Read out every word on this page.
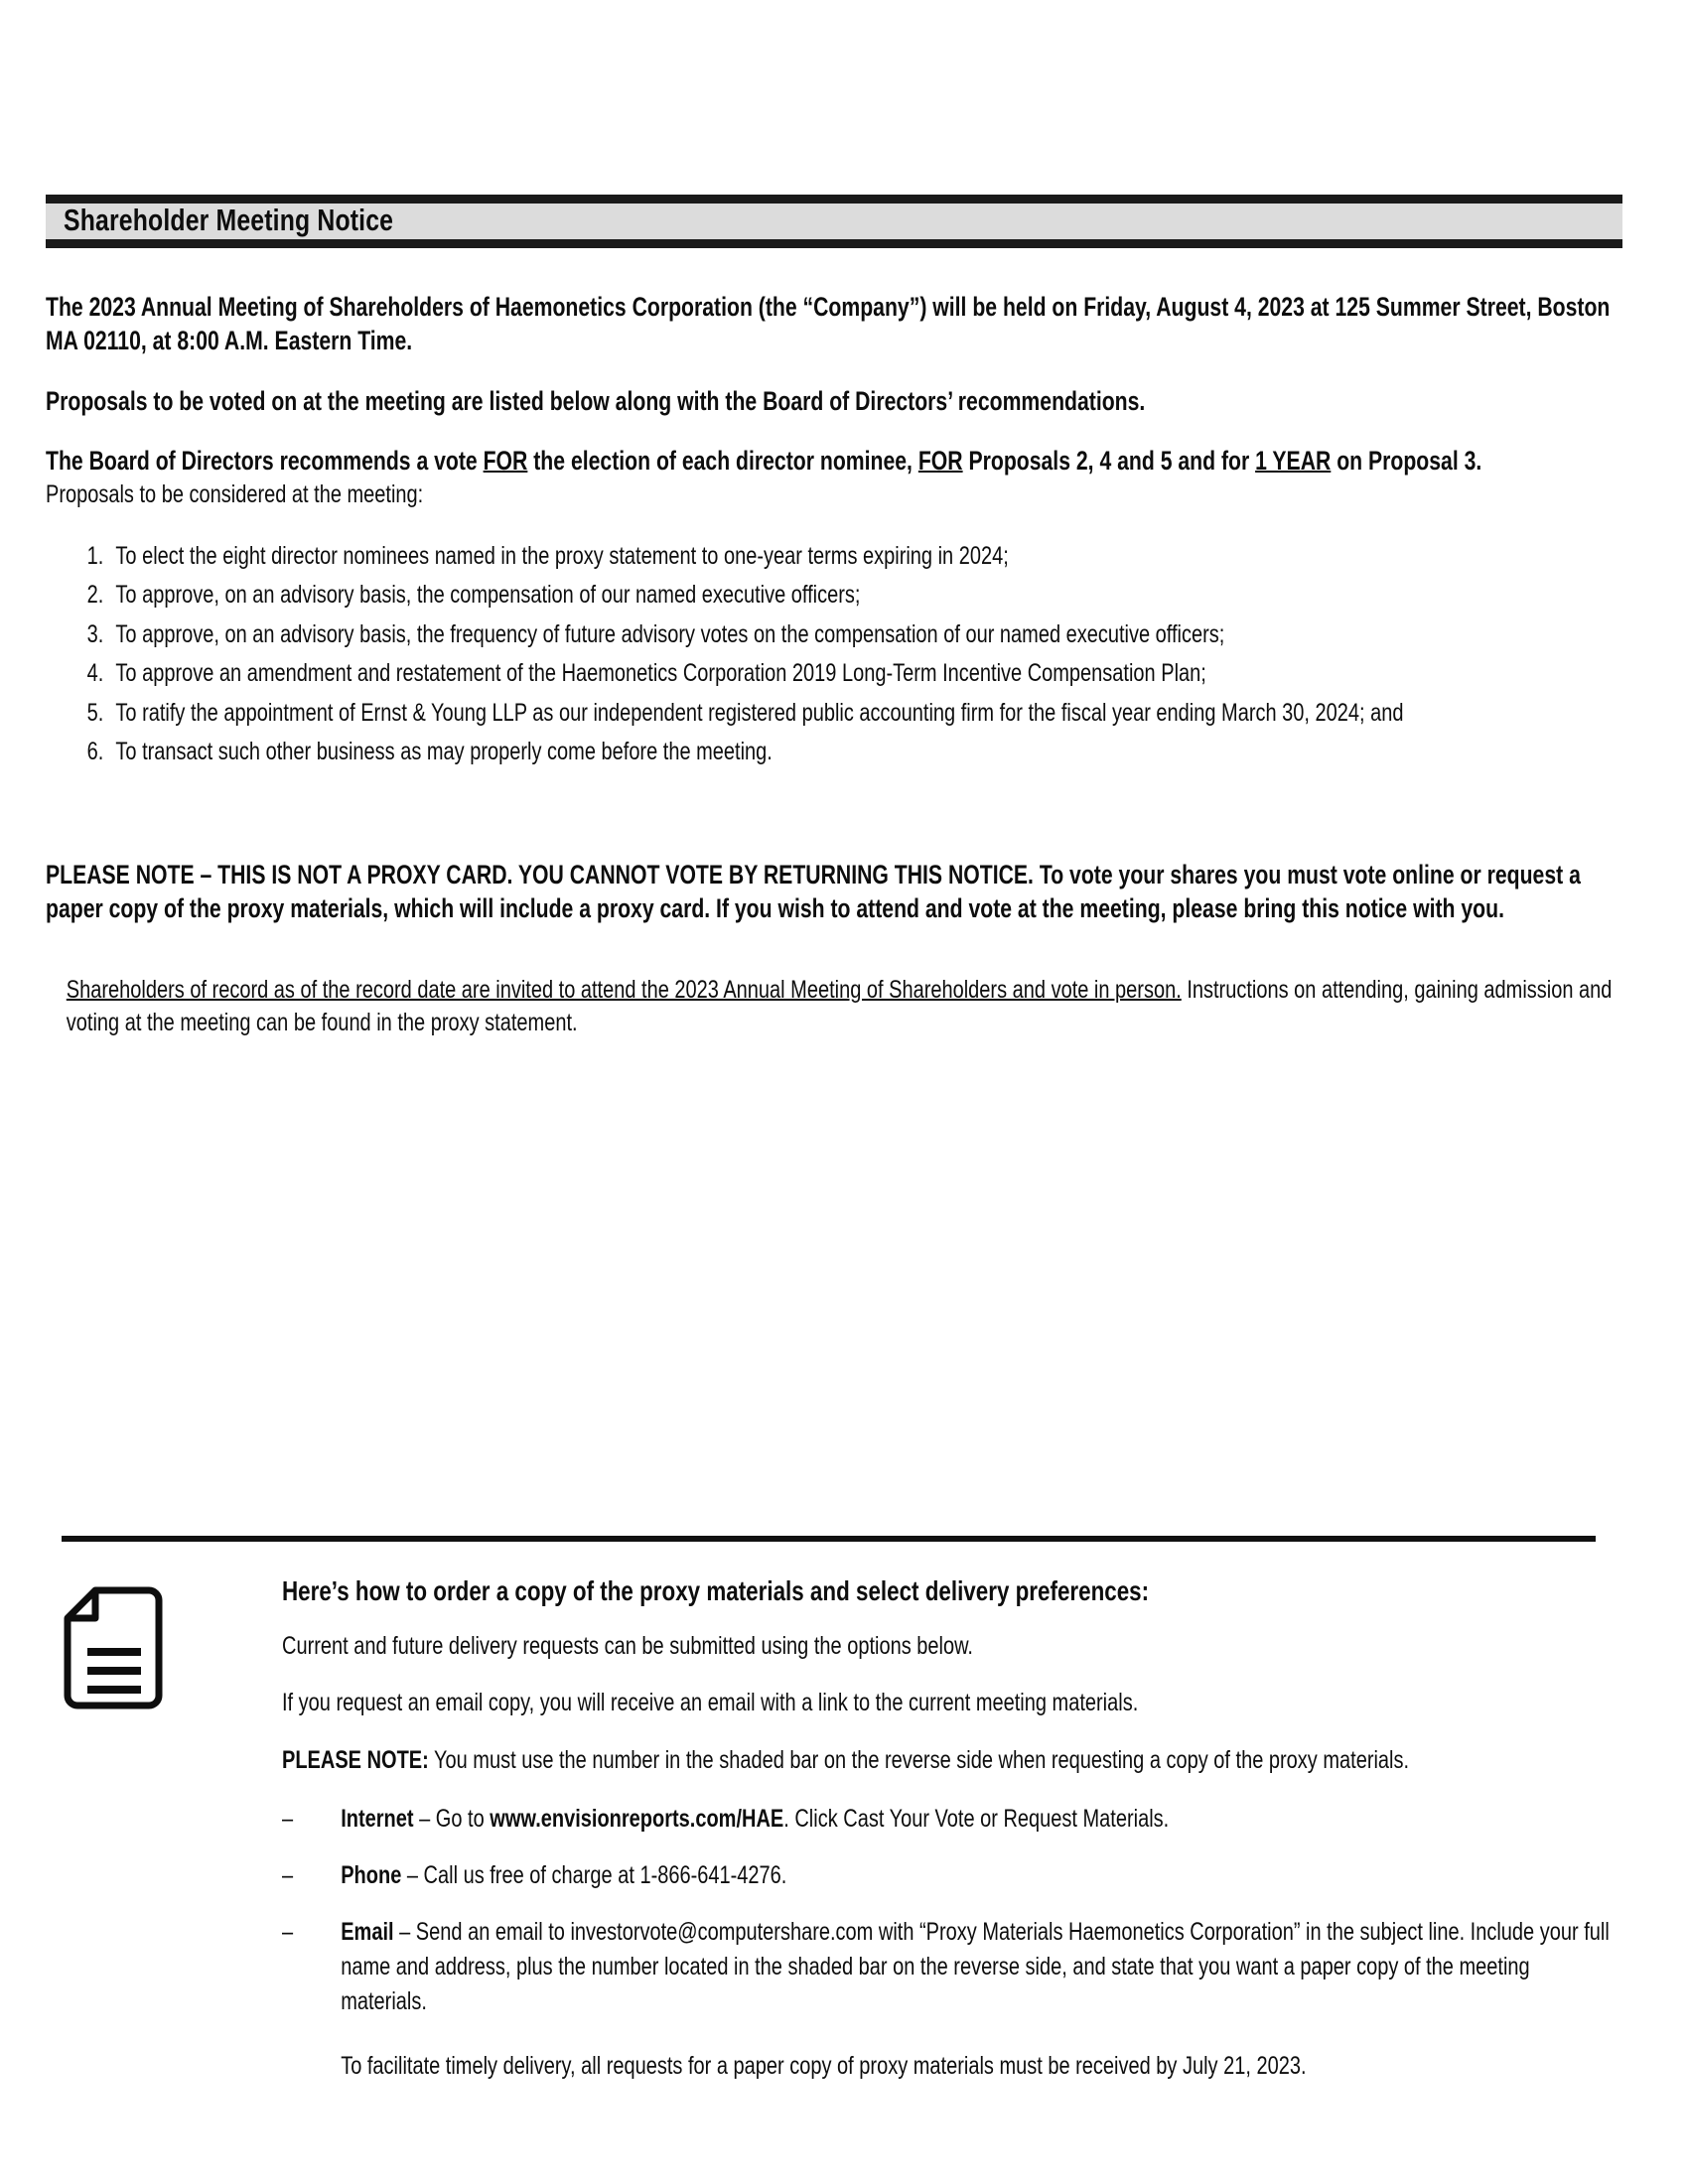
Shareholder Meeting Notice

The 2023 Annual Meeting of Shareholders of Haemonetics Corporation (the “Company”) will be held on Friday, August 4, 2023 at 125 Summer Street, Boston MA 02110, at 8:00 A.M. Eastern Time.

Proposals to be voted on at the meeting are listed below along with the Board of Directors’ recommendations.

The Board of Directors recommends a vote FOR the election of each director nominee, FOR Proposals 2, 4 and 5 and for 1 YEAR on Proposal 3.

Proposals to be considered at the meeting:

1. To elect the eight director nominees named in the proxy statement to one-year terms expiring in 2024;
2. To approve, on an advisory basis, the compensation of our named executive officers;
3. To approve, on an advisory basis, the frequency of future advisory votes on the compensation of our named executive officers;
4. To approve an amendment and restatement of the Haemonetics Corporation 2019 Long-Term Incentive Compensation Plan;
5. To ratify the appointment of Ernst & Young LLP as our independent registered public accounting firm for the fiscal year ending March 30, 2024; and
6. To transact such other business as may properly come before the meeting.

PLEASE NOTE – THIS IS NOT A PROXY CARD. YOU CANNOT VOTE BY RETURNING THIS NOTICE. To vote your shares you must vote online or request a paper copy of the proxy materials, which will include a proxy card. If you wish to attend and vote at the meeting, please bring this notice with you.

Shareholders of record as of the record date are invited to attend the 2023 Annual Meeting of Shareholders and vote in person. Instructions on attending, gaining admission and voting at the meeting can be found in the proxy statement.

Here’s how to order a copy of the proxy materials and select delivery preferences:

Current and future delivery requests can be submitted using the options below.

If you request an email copy, you will receive an email with a link to the current meeting materials.

PLEASE NOTE: You must use the number in the shaded bar on the reverse side when requesting a copy of the proxy materials.

– Internet – Go to www.envisionreports.com/HAE. Click Cast Your Vote or Request Materials.
– Phone – Call us free of charge at 1-866-641-4276.
– Email – Send an email to investorvote@computershare.com with “Proxy Materials Haemonetics Corporation” in the subject line. Include your full name and address, plus the number located in the shaded bar on the reverse side, and state that you want a paper copy of the meeting materials.

To facilitate timely delivery, all requests for a paper copy of proxy materials must be received by July 21, 2023.
